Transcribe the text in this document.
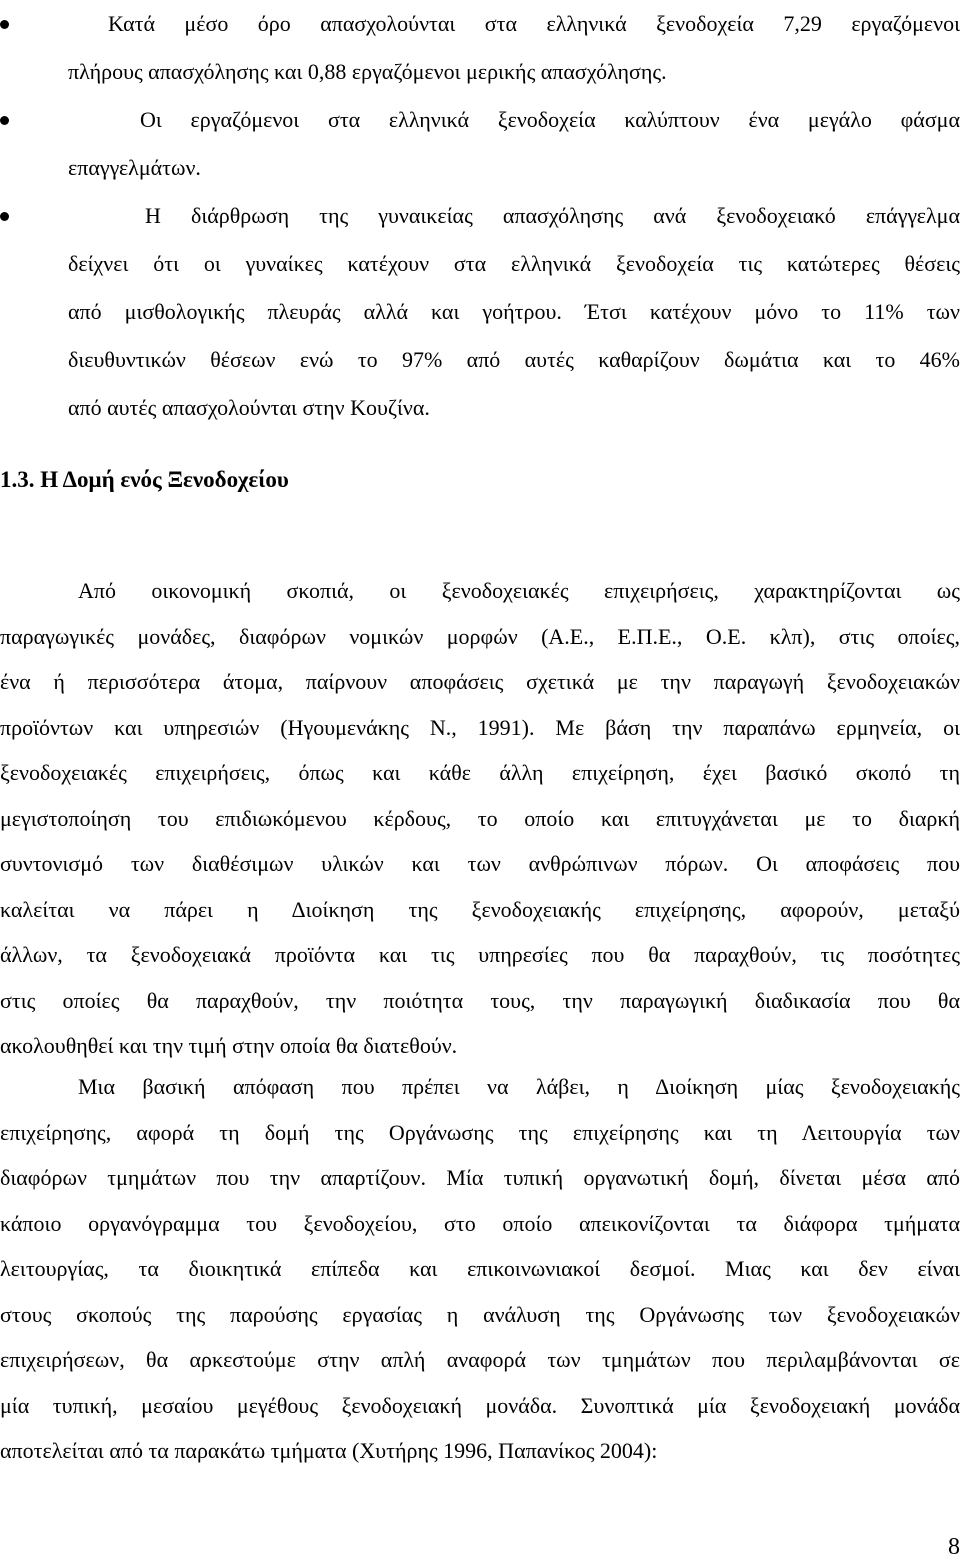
Κατά μέσο όρο απασχολούνται στα ελληνικά ξενοδοχεία 7,29 εργαζόμενοι
πλήρους απασχόλησης και 0,88 εργαζόμενοι μερικής απασχόλησης.
Οι εργαζόμενοι στα ελληνικά ξενοδοχεία καλύπτουν ένα μεγάλο φάσμα
επαγγελμάτων.
Η διάρθρωση της γυναικείας απασχόλησης ανά ξενοδοχειακό επάγγελμα
δείχνει ότι οι γυναίκες κατέχουν στα ελληνικά ξενοδοχεία τις κατώτερες θέσεις
από μισθολογικής πλευράς αλλά και γοήτρου. Έτσι κατέχουν μόνο το 11% των
διευθυντικών θέσεων ενώ το 97% από αυτές καθαρίζουν δωμάτια και το 46%
από αυτές απασχολούνται στην Κουζίνα.
1.3. Η Δομή ενός Ξενοδοχείου
Από οικονομική σκοπιά, οι ξενοδοχειακές επιχειρήσεις, χαρακτηρίζονται ως
παραγωγικές μονάδες, διαφόρων νομικών μορφών (Α.Ε., Ε.Π.Ε., Ο.Ε. κλπ), στις οποίες,
ένα ή περισσότερα άτομα, παίρνουν αποφάσεις σχετικά με την παραγωγή ξενοδοχειακών
προϊόντων και υπηρεσιών (Ηγουμενάκης Ν., 1991). Με βάση την παραπάνω ερμηνεία, οι
ξενοδοχειακές επιχειρήσεις, όπως και κάθε άλλη επιχείρηση, έχει βασικό σκοπό τη
μεγιστοποίηση του επιδιωκόμενου κέρδους, το οποίο και επιτυγχάνεται με το διαρκή
συντονισμό των διαθέσιμων υλικών και των ανθρώπινων πόρων. Οι αποφάσεις που
καλείται να πάρει η Διοίκηση της ξενοδοχειακής επιχείρησης, αφορούν, μεταξύ
άλλων, τα ξενοδοχειακά προϊόντα και τις υπηρεσίες που θα παραχθούν, τις ποσότητες
στις οποίες θα παραχθούν, την ποιότητα τους, την παραγωγική διαδικασία που θα
ακολουθηθεί και την τιμή στην οποία θα διατεθούν.
Μια βασική απόφαση που πρέπει να λάβει, η Διοίκηση μίας ξενοδοχειακής
επιχείρησης, αφορά τη δομή της Οργάνωσης της επιχείρησης και τη Λειτουργία των
διαφόρων τμημάτων που την απαρτίζουν. Μία τυπική οργανωτική δομή, δίνεται μέσα από
κάποιο οργανόγραμμα του ξενοδοχείου, στο οποίο απεικονίζονται τα διάφορα τμήματα
λειτουργίας, τα διοικητικά επίπεδα και επικοινωνιακοί δεσμοί. Μιας και δεν είναι
στους σκοπούς της παρούσης εργασίας η ανάλυση της Οργάνωσης των ξενοδοχειακών
επιχειρήσεων, θα αρκεστούμε στην απλή αναφορά των τμημάτων που περιλαμβάνονται σε
μία τυπική, μεσαίου μεγέθους ξενοδοχειακή μονάδα. Συνοπτικά μία ξενοδοχειακή μονάδα
αποτελείται από τα παρακάτω τμήματα (Χυτήρης 1996, Παπανίκος 2004):
8
